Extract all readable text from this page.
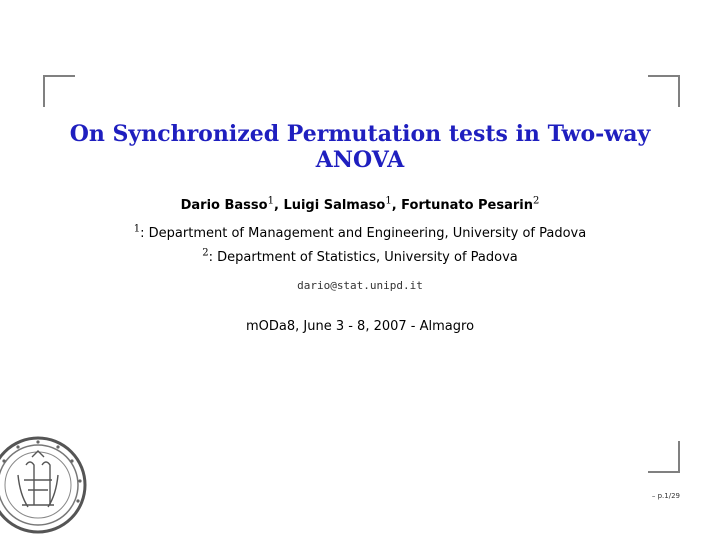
On Synchronized Permutation tests in Two-way ANOVA
Dario Basso$^1$, Luigi Salmaso$^1$, Fortunato Pesarin$^2$
$^1$: Department of Management and Engineering, University of Padova
$^2$: Department of Statistics, University of Padova
dario@stat.unipd.it
mODa8, June 3 - 8, 2007 - Almagro
– p.1/29
